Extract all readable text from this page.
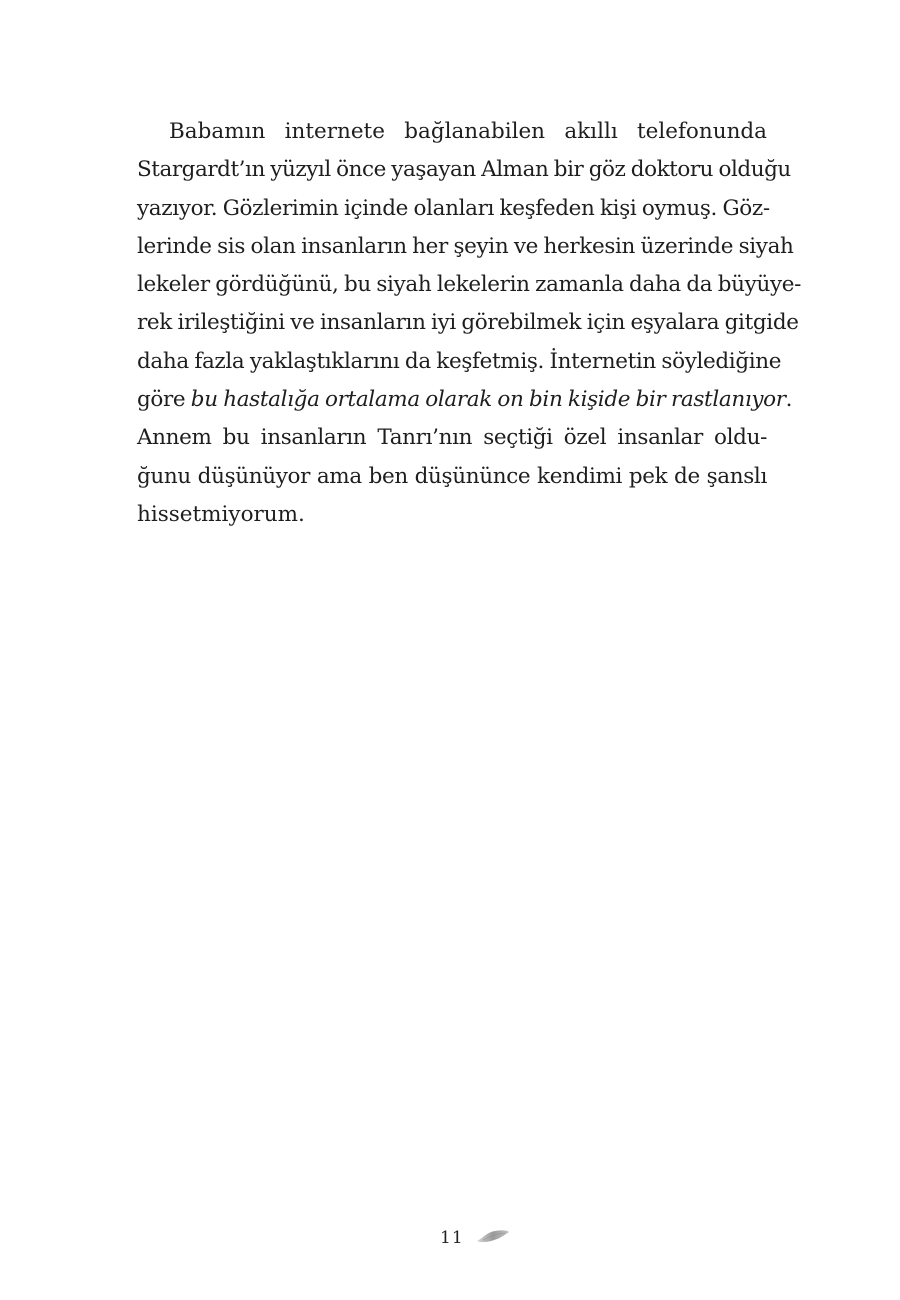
Babamın internete bağlanabilen akıllı telefonunda
Stargardt’ın yüzyıl önce yaşayan Alman bir göz doktoru olduğu
yazıyor. Gözlerimin içinde olanları keşfeden kişi oymuş. Göz-
lerinde sis olan insanların her şeyin ve herkesin üzerinde siyah
lekeler gördüğünü, bu siyah lekelerin zamanla daha da büyüye-
rek irileştiğini ve insanların iyi görebilmek için eşyalara gitgide
daha fazla yaklaştıklarını da keşfetmiş. İnternetin söylediğine
göre bu hastalığa ortalama olarak on bin kişide bir rastlanıyor.
Annem bu insanların Tanrı’nın seçtiği özel insanlar oldu-
ğunu düşünüyor ama ben düşününce kendimi pek de şanslı
hissetmiyorum.
11
